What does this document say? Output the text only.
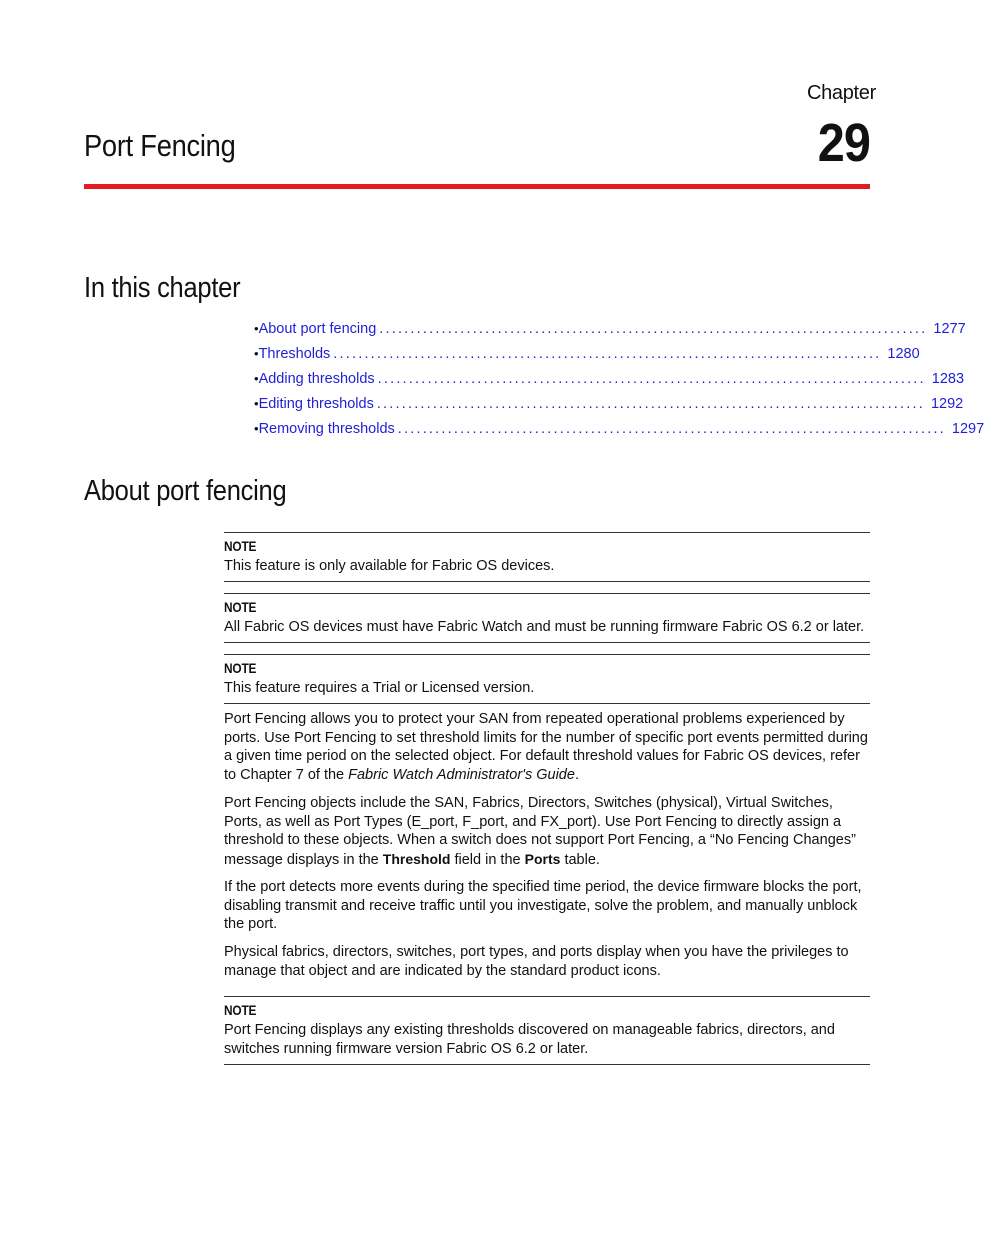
Chapter
29
Port Fencing
In this chapter
• About port fencing ........................................................................................ 1277
• Thresholds ........................................................................................ 1280
• Adding thresholds ........................................................................................ 1283
• Editing thresholds ........................................................................................ 1292
• Removing thresholds ........................................................................................ 1297
About port fencing
NOTE
This feature is only available for Fabric OS devices.
NOTE
All Fabric OS devices must have Fabric Watch and must be running firmware Fabric OS 6.2 or later.
NOTE
This feature requires a Trial or Licensed version.

Port Fencing allows you to protect your SAN from repeated operational problems experienced by ports. Use Port Fencing to set threshold limits for the number of specific port events permitted during a given time period on the selected object. For default threshold values for Fabric OS devices, refer to Chapter 7 of the Fabric Watch Administrator's Guide.

Port Fencing objects include the SAN, Fabrics, Directors, Switches (physical), Virtual Switches, Ports, as well as Port Types (E_port, F_port, and FX_port). Use Port Fencing to directly assign a threshold to these objects. When a switch does not support Port Fencing, a “No Fencing Changes” message displays in the Threshold field in the Ports table.

If the port detects more events during the specified time period, the device firmware blocks the port, disabling transmit and receive traffic until you investigate, solve the problem, and manually unblock the port.

Physical fabrics, directors, switches, port types, and ports display when you have the privileges to manage that object and are indicated by the standard product icons.

NOTE
Port Fencing displays any existing thresholds discovered on manageable fabrics, directors, and switches running firmware version Fabric OS 6.2 or later.
